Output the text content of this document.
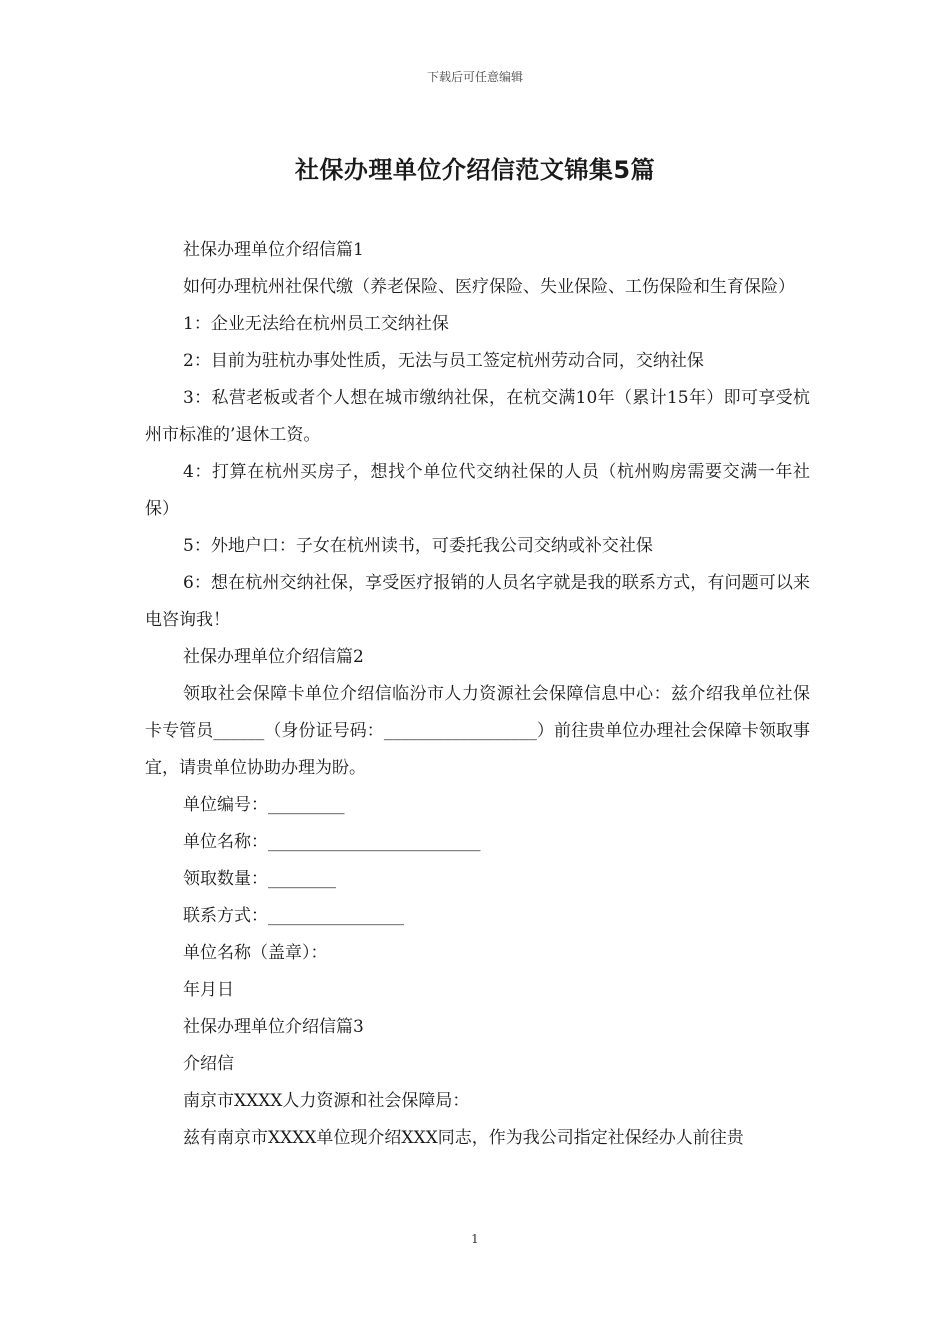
下载后可任意编辑
社保办理单位介绍信范文锦集5篇

社保办理单位介绍信篇1

如何办理杭州社保代缴（养老保险、医疗保险、失业保险、工伤保险和生育保险）

1：企业无法给在杭州员工交纳社保

2：目前为驻杭办事处性质，无法与员工签定杭州劳动合同，交纳社保

3：私营老板或者个人想在城市缴纳社保，在杭交满10年（累计15年）即可享受杭州市标准的’退休工资。

4：打算在杭州买房子，想找个单位代交纳社保的人员（杭州购房需要交满一年社保）

5：外地户口：子女在杭州读书，可委托我公司交纳或补交社保

6：想在杭州交纳社保，享受医疗报销的人员名字就是我的联系方式，有问题可以来电咨询我！

社保办理单位介绍信篇2

领取社会保障卡单位介绍信临汾市人力资源社会保障信息中心：兹介绍我单位社保卡专管员______（身份证号码：__________________）前往贵单位办理社会保障卡领取事宜，请贵单位协助办理为盼。

单位编号：_________

单位名称：_________________________

领取数量：________

联系方式：________________

单位名称（盖章）：

年月日

社保办理单位介绍信篇3

介绍信

南京市XXXX人力资源和社会保障局：

兹有南京市XXXX单位现介绍XXX同志，作为我公司指定社保经办人前往贵

1
